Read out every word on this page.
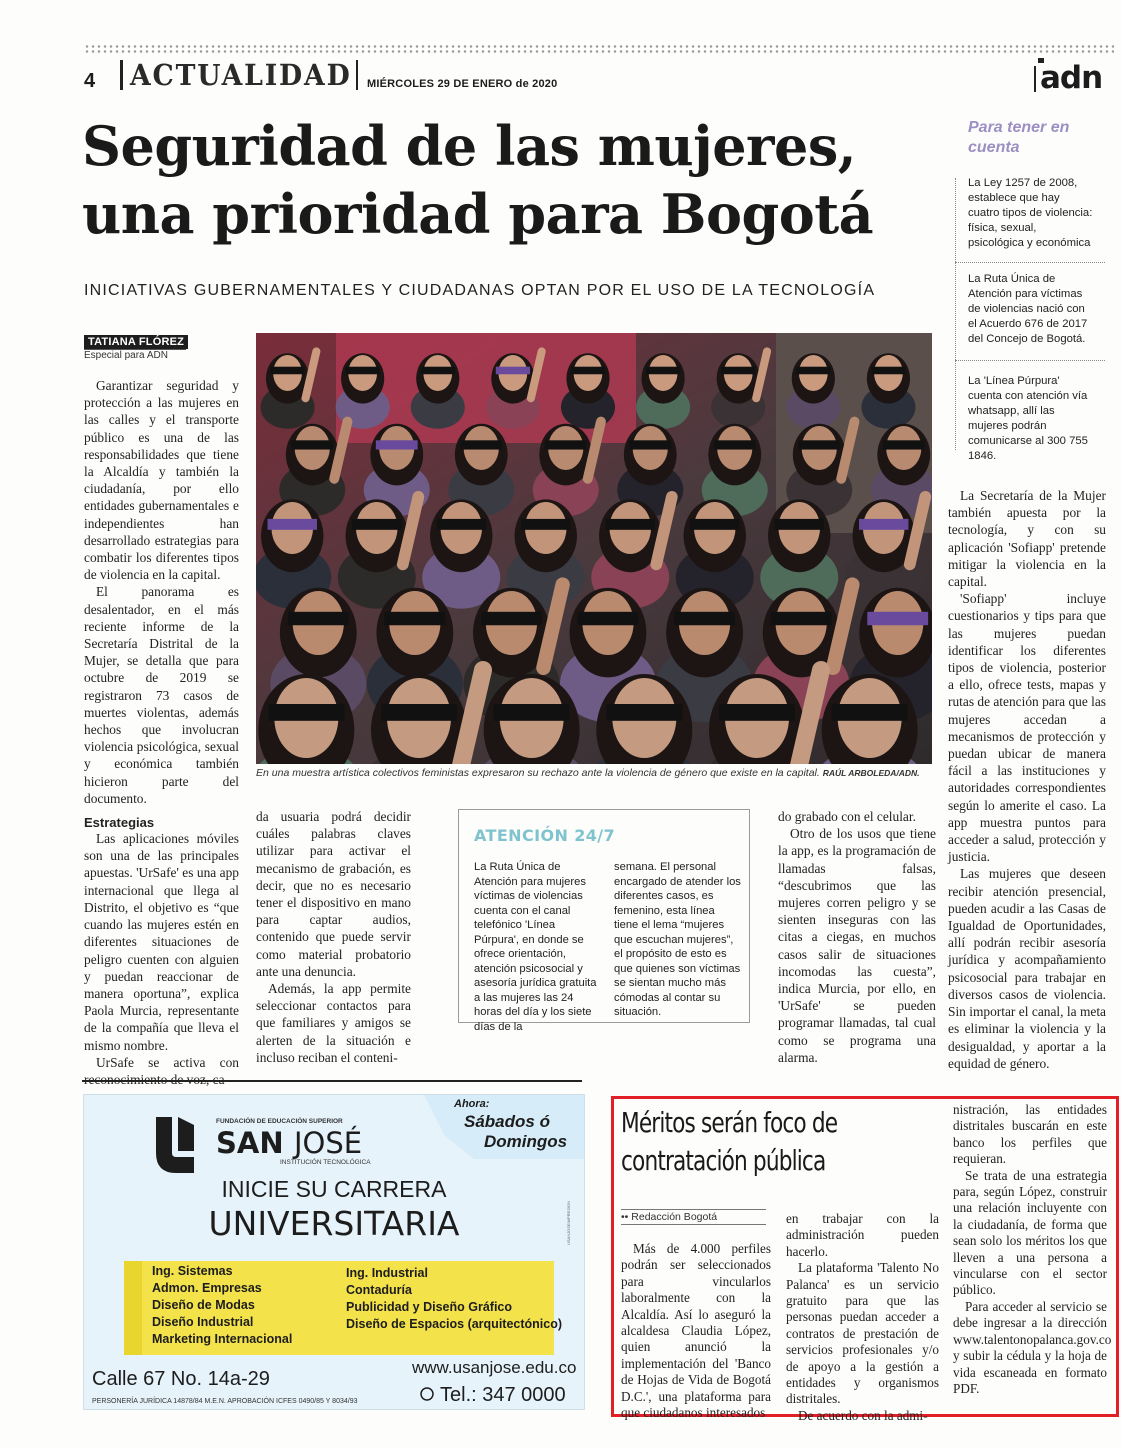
4 ACTUALIDAD MIÉRCOLES 29 DE ENERO de 2020	adn
Seguridad de las mujeres,
una prioridad para Bogotá
INICIATIVAS GUBERNAMENTALES Y CIUDADANAS OPTAN POR EL USO DE LA TECNOLOGÍA
TATIANA FLÓREZ
Especial para ADN

Garantizar seguridad y protección a las mujeres en las calles y el transporte público es una de las responsabilidades que tiene la Alcaldía y también la ciudadanía, por ello entidades gubernamentales e independientes han desarrollado estrategias para combatir los diferentes tipos de violencia en la capital.

El panorama es desalentador, en el más reciente informe de la Secretaría Distrital de la Mujer, se detalla que para octubre de 2019 se registraron 73 casos de muertes violentas, además hechos que involucran violencia psicológica, sexual y económica también hicieron parte del documento.

Estrategias

Las aplicaciones móviles son una de las principales apuestas. 'UrSafe' es una app internacional que llega al Distrito, el objetivo es “que cuando las mujeres estén en diferentes situaciones de peligro cuenten con alguien y puedan reaccionar de manera oportuna”, explica Paola Murcia, representante de la compañía que lleva el mismo nombre.

UrSafe se activa con

En una muestra artística colectivos feministas expresaron su rechazo ante la violencia de género que existe en la capital. RAÚL ARBOLEDA/ADN.

da usuaria podrá decidir cuáles palabras claves utilizar para activar el mecanismo de grabación, es decir, que no es necesario tener el dispositivo en mano para captar audios, contenido que puede servir como material probatorio ante una denuncia.

Además, la app permite seleccionar contactos para que familiares y amigos se alerten de la situación e incluso reciban el conteni-

ATENCIÓN 24/7
La Ruta Única de Atención para mujeres víctimas de violencias cuenta con el canal telefónico 'Línea Púrpura', en donde se ofrece orientación, atención psicosocial y asesoría jurídica gratuita a las mujeres las 24 horas del día y los siete días de la
semana. El personal encargado de atender los diferentes casos, es femenino, esta línea tiene el lema “mujeres que escuchan mujeres”, el propósito de esto es que quienes son víctimas se sientan mucho más cómodas al contar su situación.

do grabado con el celular.

Otro de los usos que tiene la app, es la programación de llamadas falsas, “descubrimos que las mujeres corren peligro y se sienten inseguras con las citas a ciegas, en muchos casos salir de situaciones incomodas las cuesta”, indica Murcia, por ello, en 'UrSafe' se pueden programar llamadas, tal cual como se programa una alarma.

Para tener en
cuenta
La Ley 1257 de 2008, establece que hay cuatro tipos de violencia: física, sexual, psicológica y económica
La Ruta Única de Atención para víctimas de violencias nació con el Acuerdo 676 de 2017 del Concejo de Bogotá.
La 'Línea Púrpura' cuenta con atención vía whatsapp, allí las mujeres podrán comunicarse al 300 755 1846.

La Secretaría de la Mujer también apuesta por la tecnología, y con su aplicación 'Sofiapp' pretende mitigar la violencia en la capital.

'Sofiapp' incluye cuestionarios y tips para que las mujeres puedan identificar los diferentes tipos de violencia, posterior a ello, ofrece tests, mapas y rutas de atención para que las mujeres accedan a mecanismos de protección y puedan ubicar de manera fácil a las instituciones y autoridades correspondientes según lo amerite el caso. La app muestra puntos para acceder a salud, protección y justicia.

Las mujeres que deseen recibir atención presencial, pueden acudir a las Casas de Igualdad de Oportunidades, allí podrán recibir asesoría jurídica y acompañamiento psicosocial para trabajar en diversos casos de violencia. Sin importar el canal, la meta es eliminar la violencia y la desigualdad, y aportar a la equidad de género.

FUNDACIÓN DE EDUCACIÓN SUPERIOR
SAN JOSÉ
INSTITUCIÓN TECNOLÓGICA
Ahora:
Sábados ó
Domingos
INICIE SU CARRERA
UNIVERSITARIA	USANJOSEIMPRESION
Ing. Sistemas
Admon. Empresas
Diseño de Modas
Diseño Industrial
Marketing Internacional
Ing. Industrial
Contaduría
Publicidad y Diseño Gráfico
Diseño de Espacios (arquitectónico)
Calle 67 No. 14a-29
PERSONERÍA JURÍDICA 14878/84 M.E.N. APROBACIÓN ICFES 0490/85 Y 8034/93
www.usanjose.edu.co
Tel.: 347 0000
Méritos serán foco de
contratación pública
•• Redacción Bogotá

Más de 4.000 perfiles podrán ser seleccionados para vincularlos laboralmente con la Alcaldía. Así lo aseguró la alcaldesa Claudia López, quien anunció la implementación del 'Banco de Hojas de Vida de Bogotá D.C.', una plataforma para que ciudadanos interesados

en trabajar con la administración pueden hacerlo.

La plataforma 'Talento No Palanca' es un servicio gratuito para que las personas puedan acceder a contratos de prestación de servicios profesionales y/o de apoyo a la gestión a entidades y organismos distritales.

De acuerdo con la admi-

nistración, las entidades distritales buscarán en este banco los perfiles que requieran.

Se trata de una estrategia para, según López, construir una relación incluyente con la ciudadanía, de forma que sean solo los méritos los que lleven a una persona a vincularse con el sector público.

Para acceder al servicio se debe ingresar a la dirección www.talentonopalanca.gov.co y subir la cédula y la hoja de vida escaneada en formato PDF.
